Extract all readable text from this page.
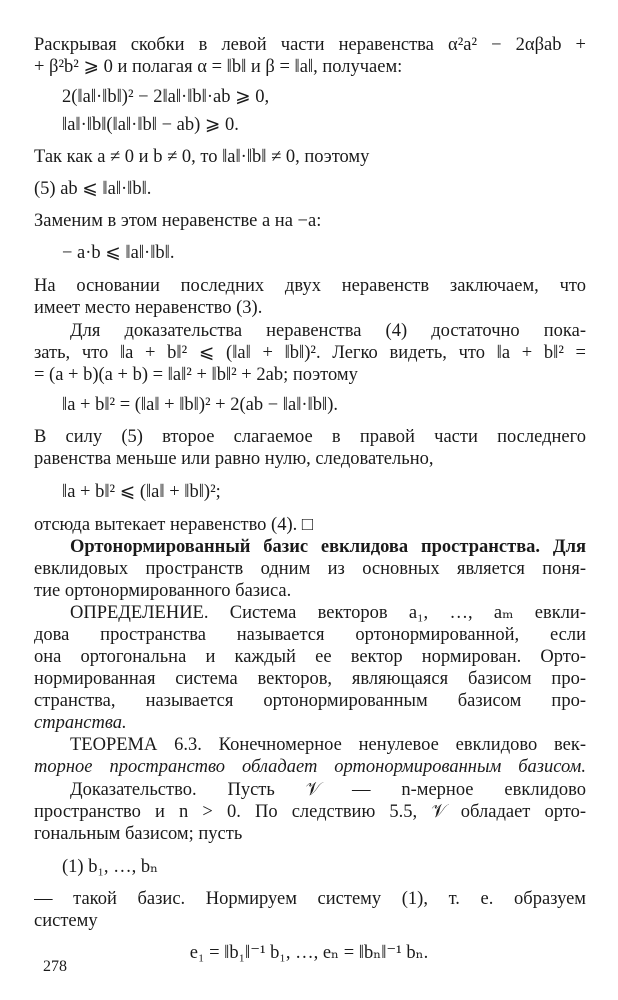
Раскрывая скобки в левой части неравенства α²a² − 2αβab +
+ β²b² ⩾ 0 и полагая α = ‖b‖ и β = ‖a‖, получаем:
2(‖a‖·‖b‖)² − 2‖a‖·‖b‖·ab ⩾ 0,
‖a‖·‖b‖(‖a‖·‖b‖ − ab) ⩾ 0.
Так как a ≠ 0 и b ≠ 0, то ‖a‖·‖b‖ ≠ 0, поэтому
(5) ab ⩽ ‖a‖·‖b‖.
Заменим в этом неравенстве a на −a:
− a·b ⩽ ‖a‖·‖b‖.
На основании последних двух неравенств заключаем, что
имеет место неравенство (3).
Для доказательства неравенства (4) достаточно пока-
зать, что ‖a + b‖² ⩽ (‖a‖ + ‖b‖)². Легко видеть, что ‖a + b‖² =
= (a + b)(a + b) = ‖a‖² + ‖b‖² + 2ab; поэтому
‖a + b‖² = (‖a‖ + ‖b‖)² + 2(ab − ‖a‖·‖b‖).
В силу (5) второе слагаемое в правой части последнего
равенства меньше или равно нулю, следовательно,
‖a + b‖² ⩽ (‖a‖ + ‖b‖)²;
отсюда вытекает неравенство (4). □
Ортонормированный базис евклидова пространства. Для
евклидовых пространств одним из основных является поня-
тие ортонормированного базиса.
ОПРЕДЕЛЕНИЕ. Система векторов a₁, …, aₘ евкли-
дова пространства называется ортонормированной, если
она ортогональна и каждый ее вектор нормирован. Орто-
нормированная система векторов, являющаяся базисом про-
странства, называется ортонормированным базисом про-
странства.
ТЕОРЕМА 6.3. Конечномерное ненулевое евклидово век-
торное пространство обладает ортонормированным базисом.
Доказательство. Пусть 𝒱 — n-мерное евклидово
пространство и n > 0. По следствию 5.5, 𝒱 обладает орто-
гональным базисом; пусть
(1) b₁, …, bₙ
— такой базис. Нормируем систему (1), т. е. образуем
систему
e₁ = ‖b₁‖⁻¹ b₁, …, eₙ = ‖bₙ‖⁻¹ bₙ.
278
